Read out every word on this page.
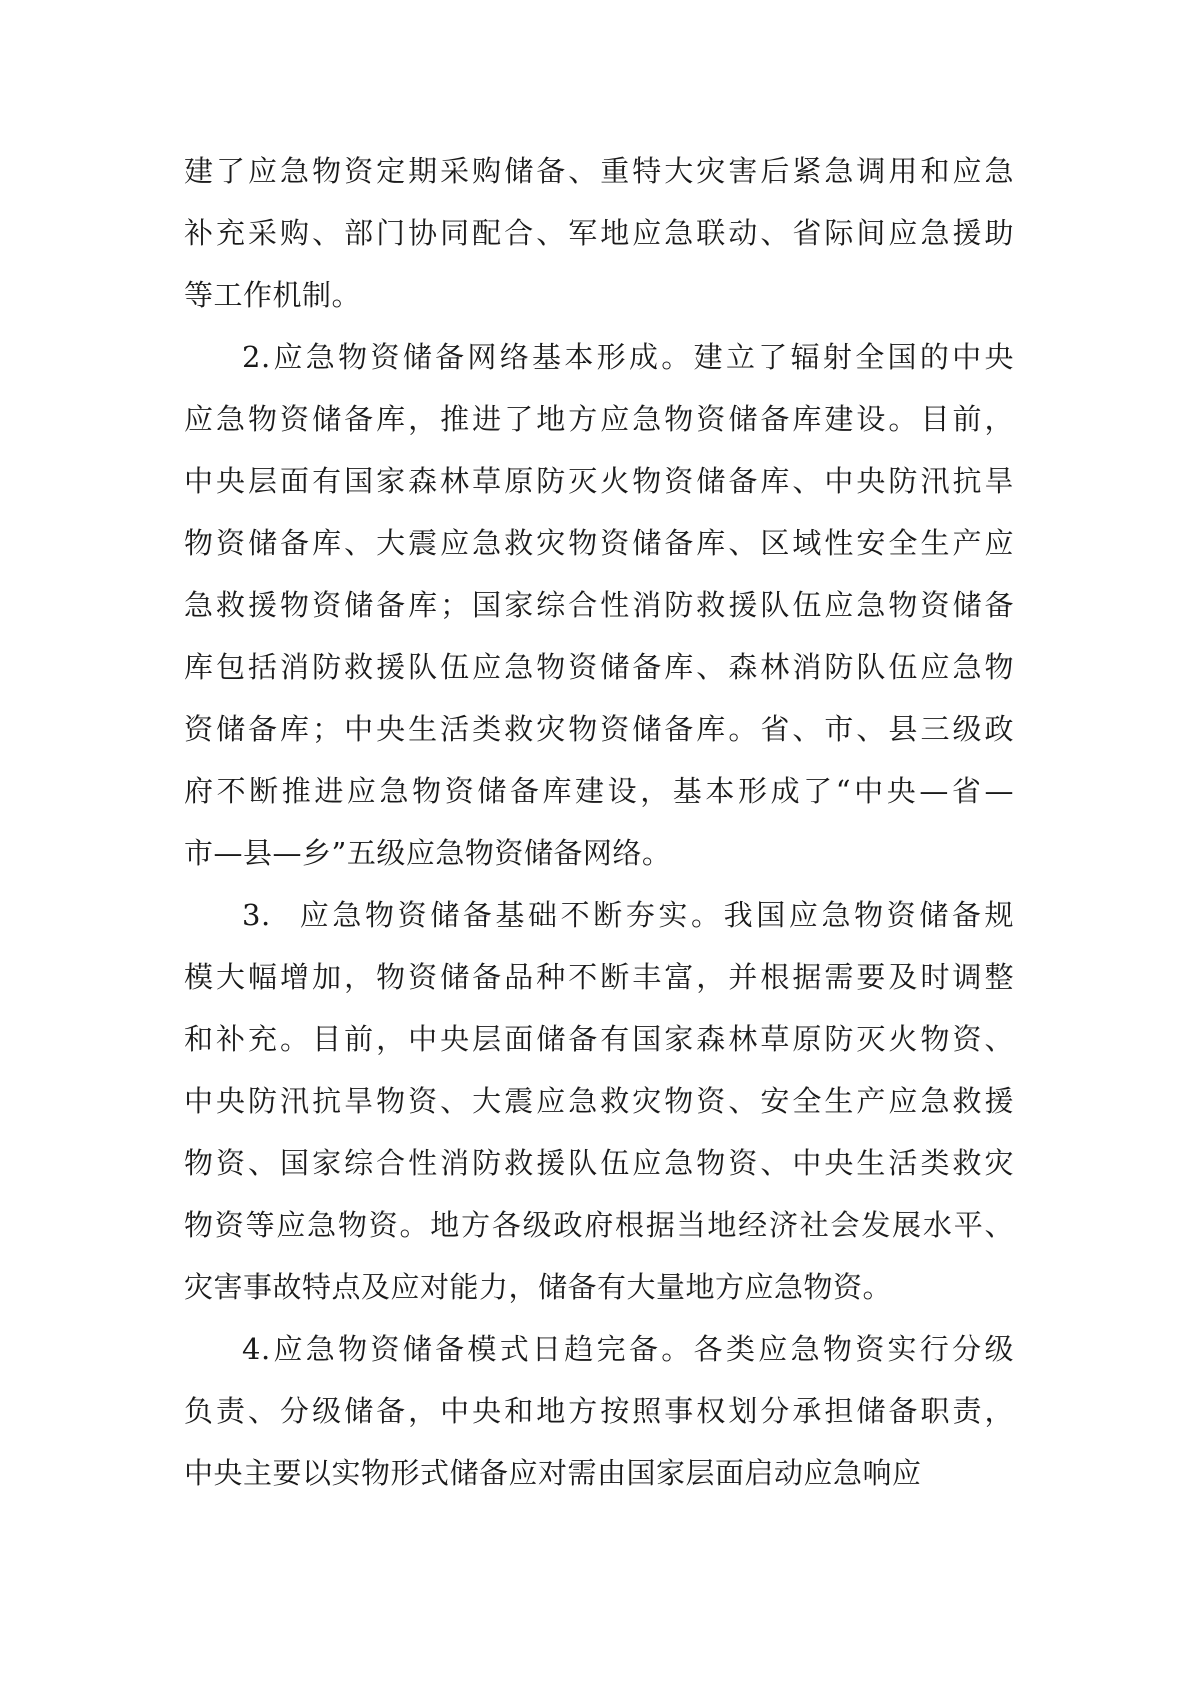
建了应急物资定期采购储备、重特大灾害后紧急调用和应急
补充采购、部门协同配合、军地应急联动、省际间应急援助
等工作机制。
2.应急物资储备网络基本形成。建立了辐射全国的中央
应急物资储备库，推进了地方应急物资储备库建设。目前，
中央层面有国家森林草原防灭火物资储备库、中央防汛抗旱
物资储备库、大震应急救灾物资储备库、区域性安全生产应
急救援物资储备库；国家综合性消防救援队伍应急物资储备
库包括消防救援队伍应急物资储备库、森林消防队伍应急物
资储备库；中央生活类救灾物资储备库。省、市、县三级政
府不断推进应急物资储备库建设，基本形成了“中央—省—
市—县—乡”五级应急物资储备网络。
3. 应急物资储备基础不断夯实。我国应急物资储备规
模大幅增加，物资储备品种不断丰富，并根据需要及时调整
和补充。目前，中央层面储备有国家森林草原防灭火物资、
中央防汛抗旱物资、大震应急救灾物资、安全生产应急救援
物资、国家综合性消防救援队伍应急物资、中央生活类救灾
物资等应急物资。地方各级政府根据当地经济社会发展水平、
灾害事故特点及应对能力，储备有大量地方应急物资。
4.应急物资储备模式日趋完备。各类应急物资实行分级
负责、分级储备，中央和地方按照事权划分承担储备职责，
中央主要以实物形式储备应对需由国家层面启动应急响应
